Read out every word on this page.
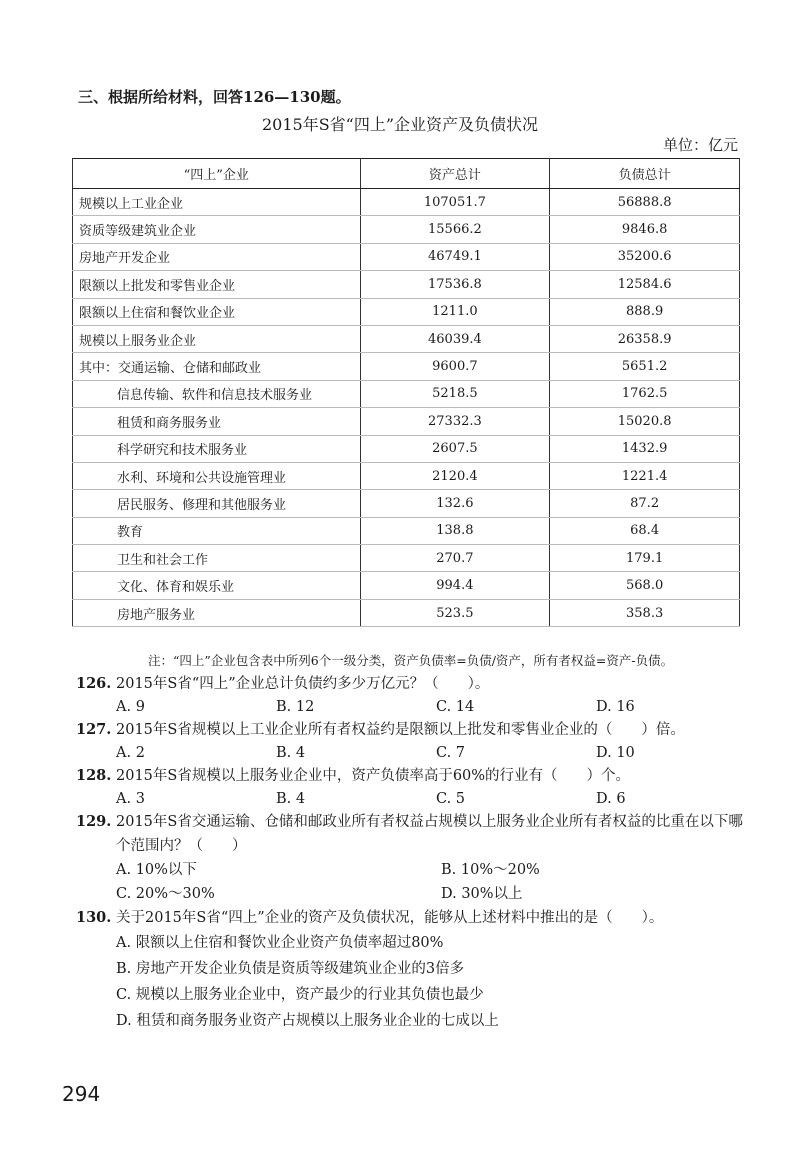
三、根据所给材料，回答126—130题。
2015年S省“四上”企业资产及负债状况
单位：亿元
“四上”企业	资产总计	负债总计
规模以上工业企业	107051.7	56888.8
资质等级建筑业企业	15566.2	9846.8
房地产开发企业	46749.1	35200.6
限额以上批发和零售业企业	17536.8	12584.6
限额以上住宿和餐饮业企业	1211.0	888.9
规模以上服务业企业	46039.4	26358.9
其中：交通运输、仓储和邮政业	9600.7	5651.2
信息传输、软件和信息技术服务业	5218.5	1762.5
租赁和商务服务业	27332.3	15020.8
科学研究和技术服务业	2607.5	1432.9
水利、环境和公共设施管理业	2120.4	1221.4
居民服务、修理和其他服务业	132.6	87.2
教育	138.8	68.4
卫生和社会工作	270.7	179.1
文化、体育和娱乐业	994.4	568.0
房地产服务业	523.5	358.3
注：“四上”企业包含表中所列6个一级分类，资产负债率=负债/资产，所有者权益=资产-负债。
126. 2015年S省“四上”企业总计负债约多少万亿元？（　　）。
A. 9	B. 12	C. 14	D. 16
127. 2015年S省规模以上工业企业所有者权益约是限额以上批发和零售业企业的（　　）倍。
A. 2	B. 4	C. 7	D. 10
128. 2015年S省规模以上服务业企业中，资产负债率高于60%的行业有（　　）个。
A. 3	B. 4	C. 5	D. 6
129. 2015年S省交通运输、仓储和邮政业所有者权益占规模以上服务业企业所有者权益的比重在以下哪个范围内？（　　）
A. 10%以下	B. 10%～20%
C. 20%～30%	D. 30%以上
130. 关于2015年S省“四上”企业的资产及负债状况，能够从上述材料中推出的是（　　）。
A. 限额以上住宿和餐饮业企业资产负债率超过80%
B. 房地产开发企业负债是资质等级建筑业企业的3倍多
C. 规模以上服务业企业中，资产最少的行业其负债也最少
D. 租赁和商务服务业资产占规模以上服务业企业的七成以上
294
